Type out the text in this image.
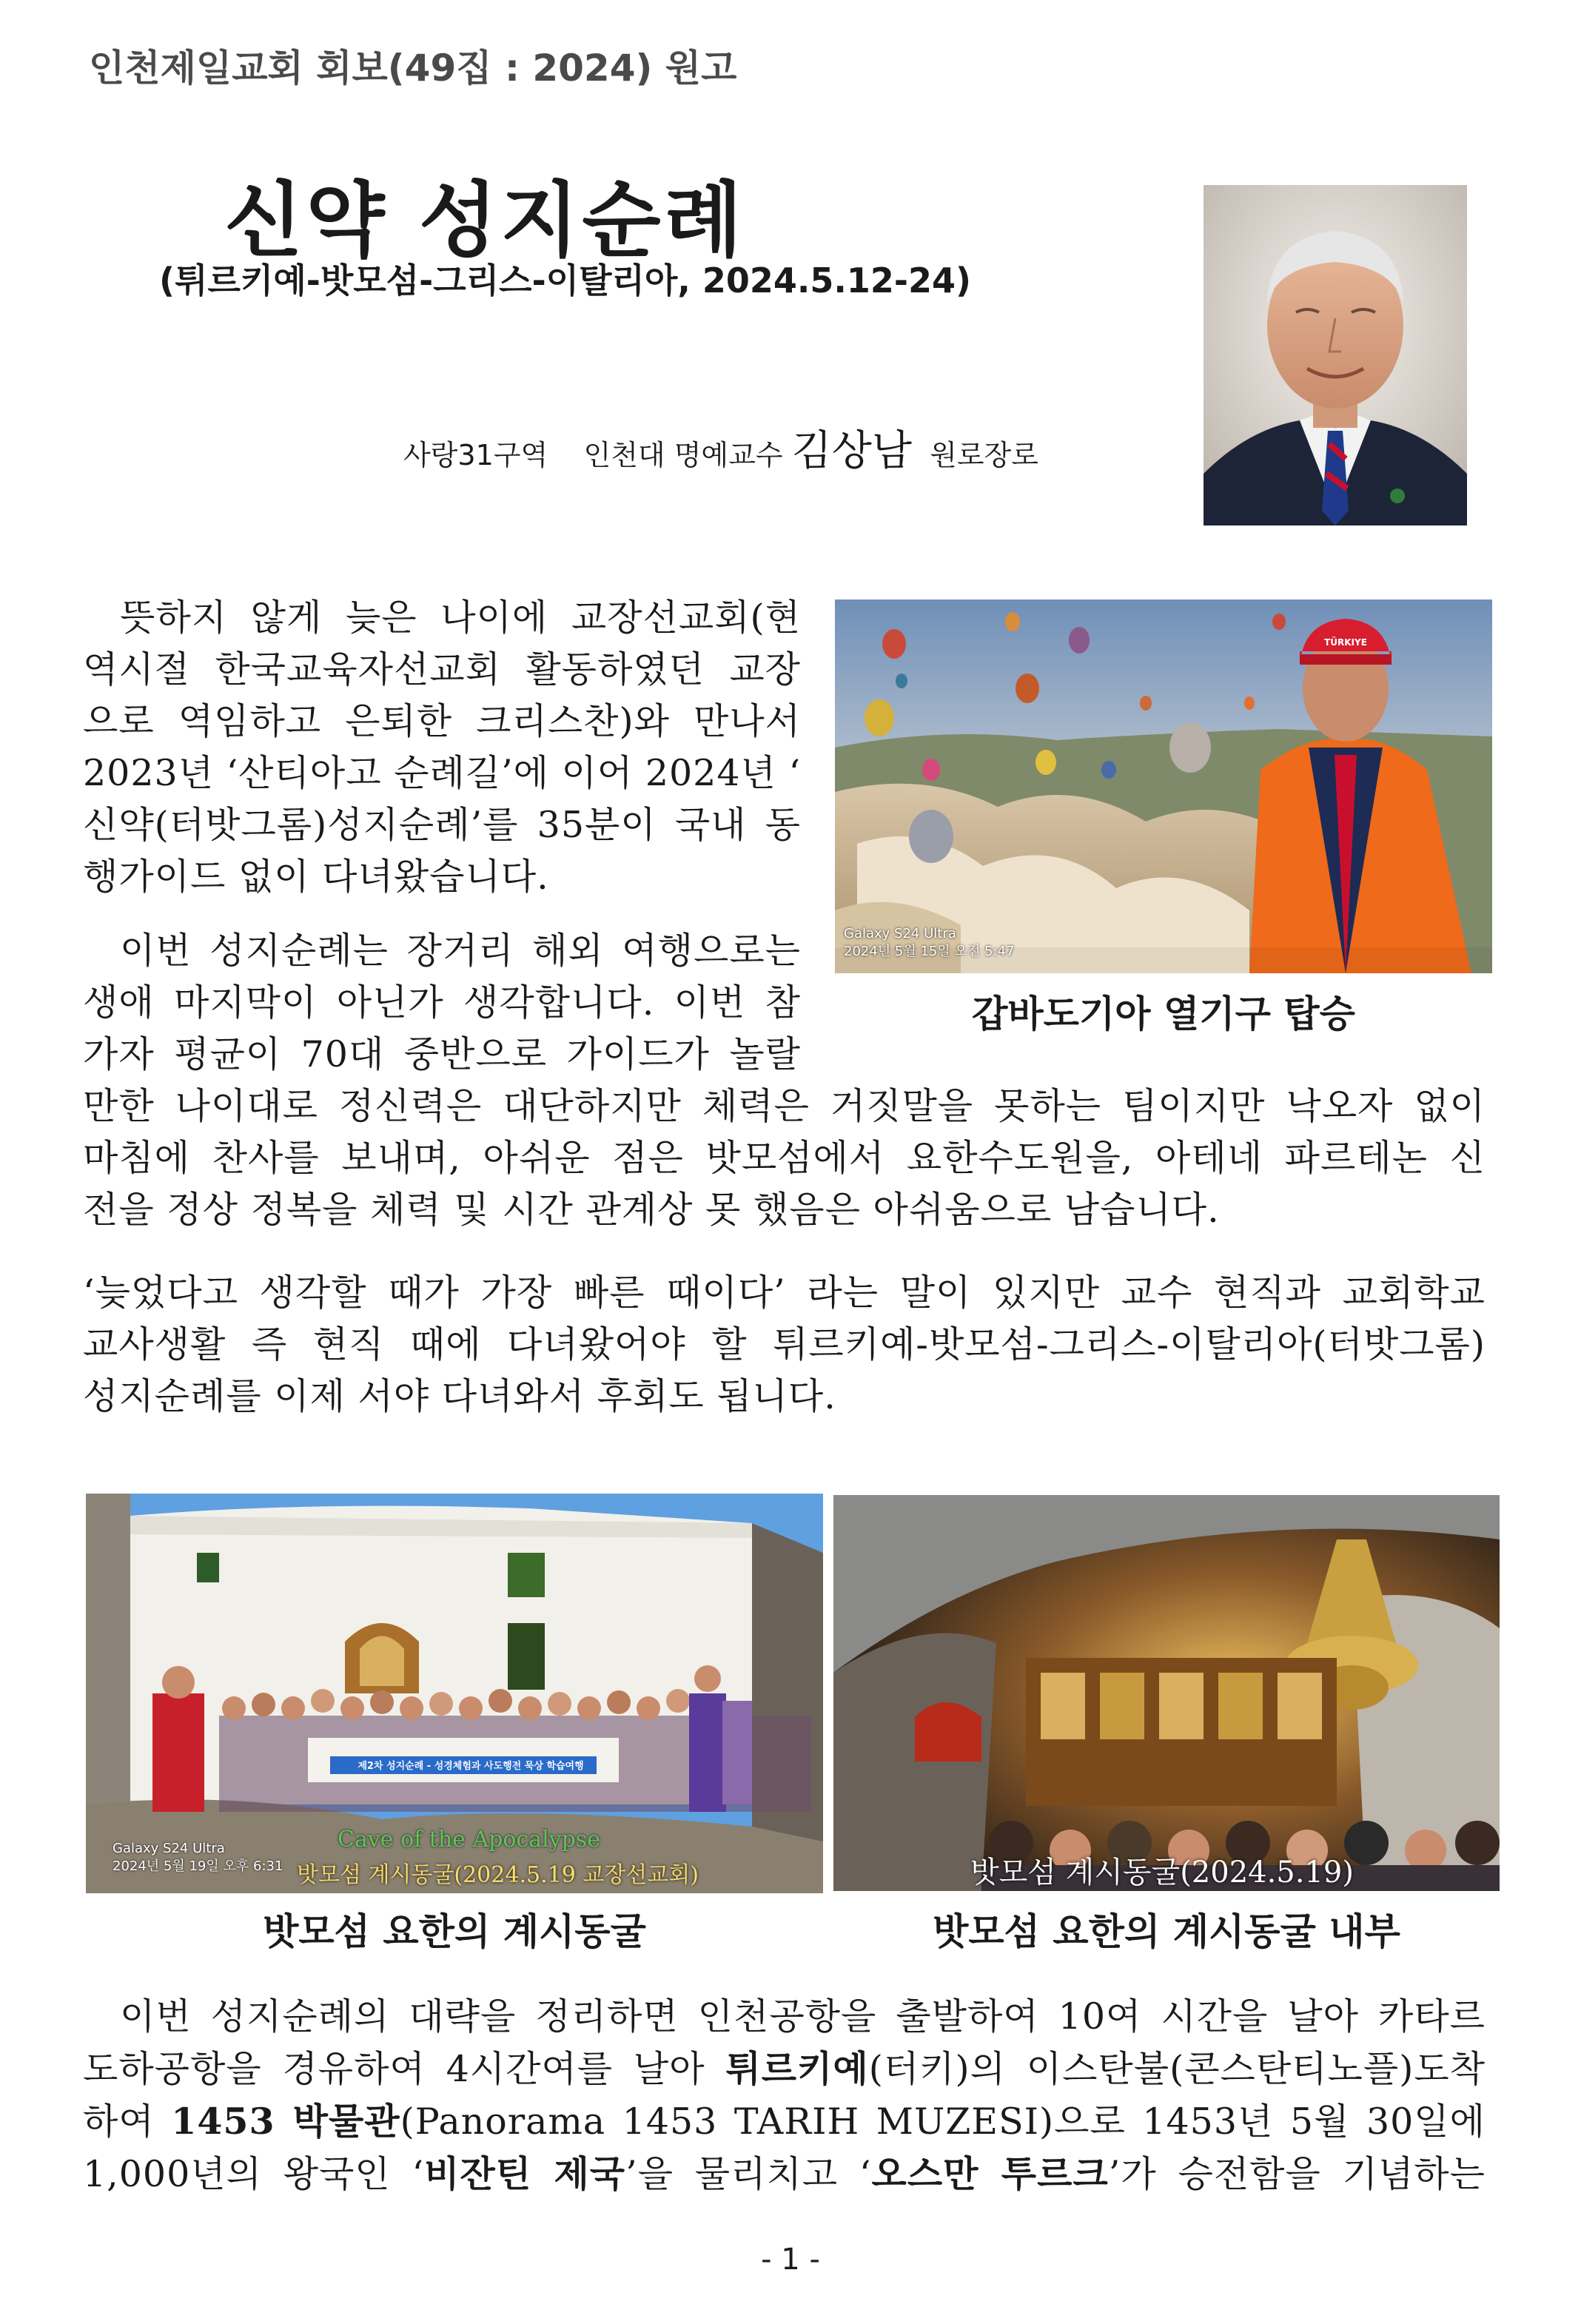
인천제일교회 회보(49집 : 2024) 원고
신약 성지순례
(튀르키예-밧모섬-그리스-이탈리아, 2024.5.12-24)
사랑31구역 인천대 명예교수 김상남 원로장로
뜻하지 않게 늦은 나이에 교장선교회(현
역시절 한국교육자선교회 활동하였던 교장
으로 역임하고 은퇴한 크리스찬)와 만나서
2023년 ‘산티아고 순례길’에 이어 2024년 ‘
신약(터밧그롬)성지순례’를 35분이 국내 동
행가이드 없이 다녀왔습니다.
TÜRKIYE
Galaxy S24 Ultra
2024년 5월 15일 오전 5:47
갑바도기아 열기구 탑승
이번 성지순례는 장거리 해외 여행으로는
생애 마지막이 아닌가 생각합니다. 이번 참
가자 평균이 70대 중반으로 가이드가 놀랄
만한 나이대로 정신력은 대단하지만 체력은 거짓말을 못하는 팀이지만 낙오자 없이
마침에 찬사를 보내며, 아쉬운 점은 밧모섬에서 요한수도원을, 아테네 파르테논 신
전을 정상 정복을 체력 및 시간 관계상 못 했음은 아쉬움으로 남습니다.
‘늦었다고 생각할 때가 가장 빠른 때이다’ 라는 말이 있지만 교수 현직과 교회학교
교사생활 즉 현직 때에 다녀왔어야 할 튀르키예-밧모섬-그리스-이탈리아(터밧그롬)
성지순례를 이제 서야 다녀와서 후회도 됩니다.
제2차 성지순례 - 성경체험과 사도행전 묵상 학습여행
Cave of the Apocalypse
Galaxy S24 Ultra
2024년 5월 19일 오후 6:31 밧모섬 계시동굴(2024.5.19 교장선교회)
밧모섬 요한의 계시동굴
밧모섬 계시동굴(2024.5.19)
밧모섬 요한의 계시동굴 내부
이번 성지순례의 대략을 정리하면 인천공항을 출발하여 10여 시간을 날아 카타르
도하공항을 경유하여 4시간여를 날아 튀르키예(터키)의 이스탄불(콘스탄티노플)도착
하여 1453 박물관(Panorama 1453 TARIH MUZESI)으로 1453년 5월 30일에
1,000년의 왕국인 ‘비잔틴 제국’을 물리치고 ‘오스만 투르크’가 승전함을 기념하는
- 1 -
